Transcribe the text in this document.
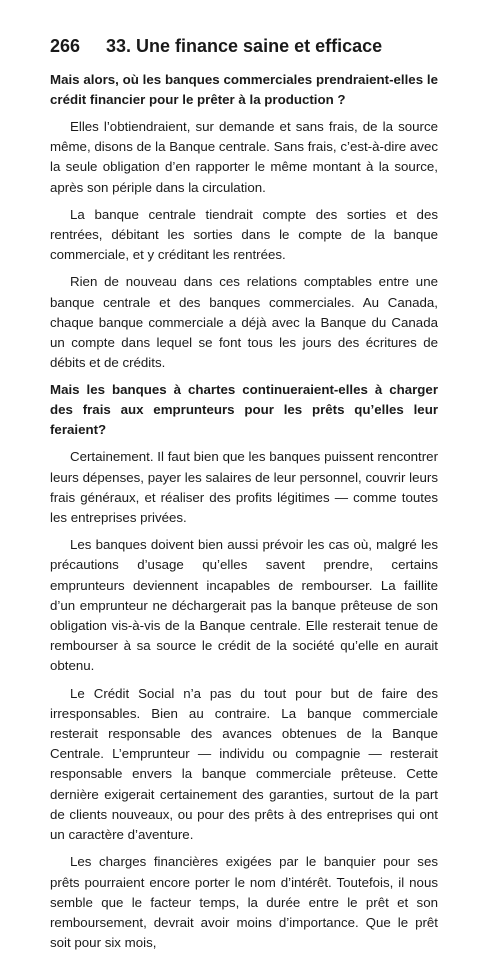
266	33. Une finance saine et efficace

Mais alors, où les banques commerciales prendraient-elles le crédit financier pour le prêter à la production ?

Elles l’obtiendraient, sur demande et sans frais, de la source même, disons de la Banque centrale. Sans frais, c’est-à-dire avec la seule obligation d’en rapporter le même montant à la source, après son périple dans la circulation.

La banque centrale tiendrait compte des sorties et des rentrées, débitant les sorties dans le compte de la banque commerciale, et y créditant les rentrées.

Rien de nouveau dans ces relations comptables entre une banque centrale et des banques commerciales. Au Canada, chaque banque commerciale a déjà avec la Banque du Canada un compte dans lequel se font tous les jours des écritures de débits et de crédits.

Mais les banques à chartes continueraient-elles à charger des frais aux emprunteurs pour les prêts qu’elles leur feraient?

Certainement. Il faut bien que les banques puissent rencontrer leurs dépenses, payer les salaires de leur personnel, couvrir leurs frais généraux, et réaliser des profits légitimes — comme toutes les entreprises privées.

Les banques doivent bien aussi prévoir les cas où, malgré les précautions d’usage qu’elles savent prendre, certains emprunteurs deviennent incapables de rembourser. La faillite d’un emprunteur ne déchargerait pas la banque prêteuse de son obligation vis-à-vis de la Banque centrale. Elle resterait tenue de rembourser à sa source le crédit de la société qu’elle en aurait obtenu.

Le Crédit Social n’a pas du tout pour but de faire des irresponsables. Bien au contraire. La banque commerciale resterait responsable des avances obtenues de la Banque Centrale. L’emprunteur — individu ou compagnie — resterait responsable envers la banque commerciale prêteuse. Cette dernière exigerait certainement des garanties, surtout de la part de clients nouveaux, ou pour des prêts à des entreprises qui ont un caractère d’aventure.

Les charges financières exigées par le banquier pour ses prêts pourraient encore porter le nom d’intérêt. Toutefois, il nous semble que le facteur temps, la durée entre le prêt et son remboursement, devrait avoir moins d’importance. Que le prêt soit pour six mois,
